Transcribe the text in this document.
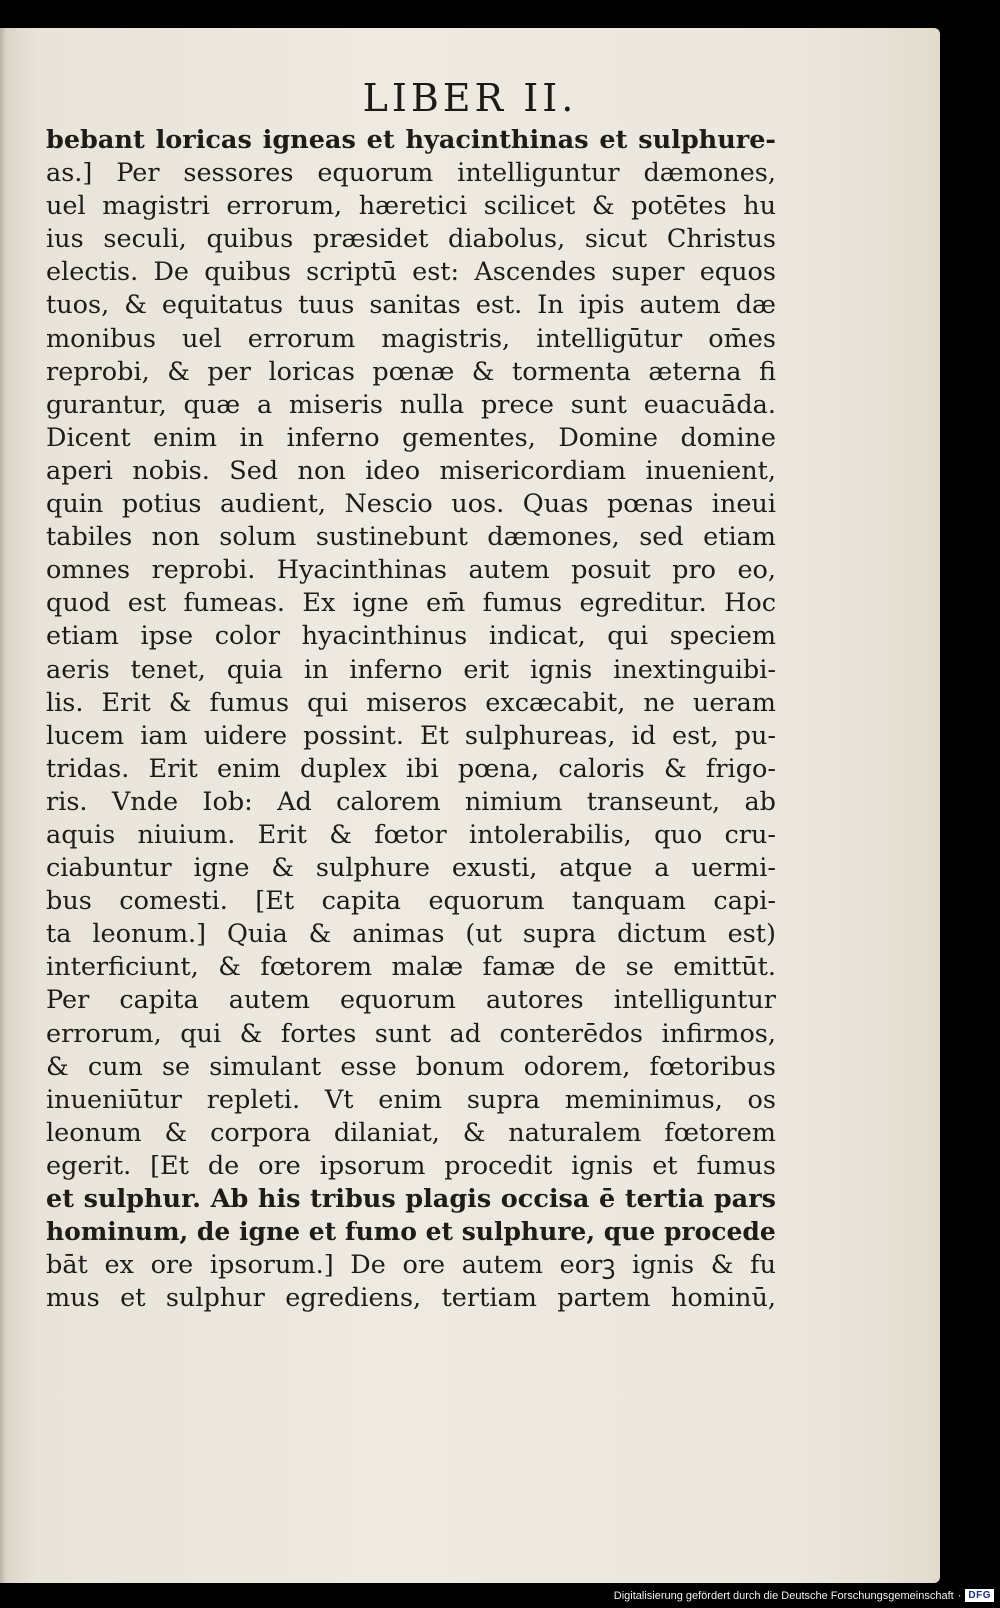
LIBER II.
bebant loricas igneas et hyacinthinas et sulphure-
as.] Per sessores equorum intelliguntur dæmones,
uel magistri errorum, hæretici scilicet & potētes hu
ius seculi, quibus præsidet diabolus, sicut Christus
electis. De quibus scriptū est: Ascendes super equos
tuos, & equitatus tuus sanitas est. In ipis autem dæ
monibus uel errorum magistris, intelligūtur om̄es
reprobi, & per loricas pœnæ & tormenta æterna fi
gurantur, quæ a miseris nulla prece sunt euacuāda.
Dicent enim in inferno gementes, Domine domine
aperi nobis. Sed non ideo misericordiam inuenient,
quin potius audient, Nescio uos. Quas pœnas ineui
tabiles non solum sustinebunt dæmones, sed etiam
omnes reprobi. Hyacinthinas autem posuit pro eo,
quod est fumeas. Ex igne em̄ fumus egreditur. Hoc
etiam ipse color hyacinthinus indicat, qui speciem
aeris tenet, quia in inferno erit ignis inextinguibi-
lis. Erit & fumus qui miseros excæcabit, ne ueram
lucem iam uidere possint. Et sulphureas, id est, pu-
tridas. Erit enim duplex ibi pœna, caloris & frigo-
ris. Vnde Iob: Ad calorem nimium transeunt, ab
aquis niuium. Erit & fœtor intolerabilis, quo cru-
ciabuntur igne & sulphure exusti, atque a uermi-
bus comesti. [Et capita equorum tanquam capi-
ta leonum.] Quia & animas (ut supra dictum est)
interficiunt, & fœtorem malæ famæ de se emittūt.
Per capita autem equorum autores intelliguntur
errorum, qui & fortes sunt ad conterēdos infirmos,
& cum se simulant esse bonum odorem, fœtoribus
inueniūtur repleti. Vt enim supra meminimus, os
leonum & corpora dilaniat, & naturalem fœtorem
egerit. [Et de ore ipsorum procedit ignis et fumus
et sulphur. Ab his tribus plagis occisa ē tertia pars
hominum, de igne et fumo et sulphure, que procede
bāt ex ore ipsorum.] De ore autem eorꝫ ignis & fu
mus et sulphur egrediens, tertiam partem hominū,
Digitalisierung gefördert durch die Deutsche Forschungsgemeinschaft · DFG
